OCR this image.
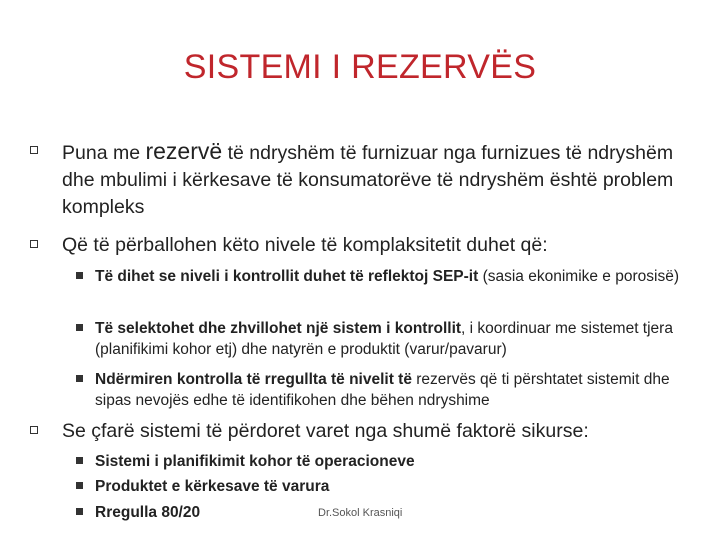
SISTEMI I REZERVËS
Puna me rezervë të ndryshëm të furnizuar nga furnizues të ndryshëm dhe mbulimi i kërkesave të konsumatorëve të ndryshëm është problem kompleks
Që të përballohen këto nivele të komplaksitetit duhet që:
Të dihet se niveli i kontrollit duhet të reflektoj SEP-it (sasia ekonimike e porosisë)
Të selektohet dhe zhvillohet një sistem i kontrollit, i koordinuar me sistemet tjera (planifikimi kohor etj) dhe natyrën e produktit (varur/pavarur)
Ndërmiren kontrolla të rregullta të nivelit të rezervës që ti përshtatet sistemit dhe sipas nevojës edhe të identifikohen dhe bëhen ndryshime
Se çfarë sistemi të përdoret varet nga shumë faktorë sikurse:
Sistemi i planifikimit kohor të operacioneve
Produktet e kërkesave të varura
Rregulla 80/20	Dr.Sokol Krasniqi
